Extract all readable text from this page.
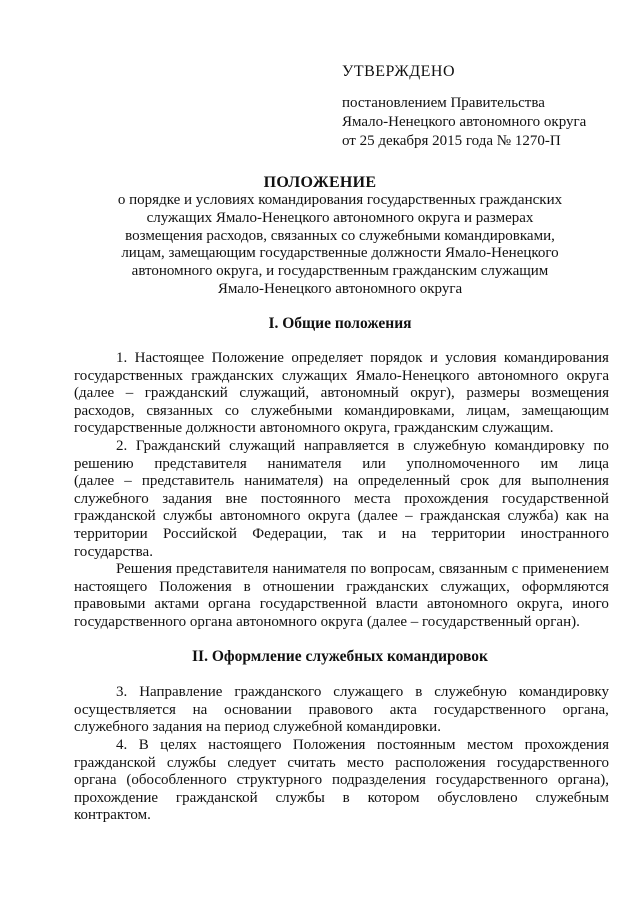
УТВЕРЖДЕНО
постановлением Правительства
Ямало-Ненецкого автономного округа
от 25 декабря 2015 года № 1270-П
ПОЛОЖЕНИЕ
о порядке и условиях командирования государственных гражданских
служащих Ямало-Ненецкого автономного округа и размерах
возмещения расходов, связанных со служебными командировками,
лицам, замещающим государственные должности Ямало-Ненецкого
автономного округа, и государственным гражданским служащим
Ямало-Ненецкого автономного округа
I. Общие положения
1. Настоящее Положение определяет порядок и условия командирования
государственных гражданских служащих Ямало-Ненецкого автономного округа
(далее – гражданский служащий, автономный округ), размеры возмещения
расходов, связанных со служебными командировками, лицам, замещающим
государственные должности автономного округа, гражданским служащим.
2. Гражданский служащий направляется в служебную командировку по
решению представителя нанимателя или уполномоченного им лица
(далее – представитель нанимателя) на определенный срок для выполнения
служебного задания вне постоянного места прохождения государственной
гражданской службы автономного округа (далее – гражданская служба) как на
территории Российской Федерации, так и на территории иностранного
государства.
Решения представителя нанимателя по вопросам, связанным с применением
настоящего Положения в отношении гражданских служащих, оформляются
правовыми актами органа государственной власти автономного округа, иного
государственного органа автономного округа (далее – государственный орган).
II. Оформление служебных командировок
3. Направление гражданского служащего в служебную командировку
осуществляется на основании правового акта государственного органа,
служебного задания на период служебной командировки.
4. В целях настоящего Положения постоянным местом прохождения
гражданской службы следует считать место расположения государственного
органа (обособленного структурного подразделения государственного органа),
прохождение гражданской службы в котором обусловлено служебным
контрактом.
